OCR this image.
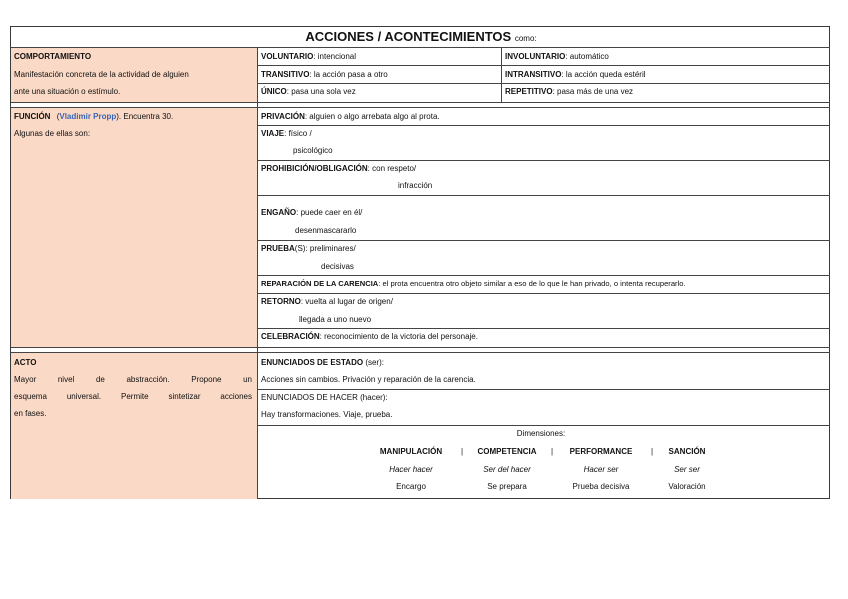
ACCIONES / ACONTECIMIENTOS como:
COMPORTAMIENTO
Manifestación concreta de la actividad de alguien
ante una situación o estímulo.
VOLUNTARIO: intencional	INVOLUNTARIO: automático
TRANSITIVO: la acción pasa a otro	INTRANSITIVO: la acción queda estéril
ÚNICO: pasa una sola vez	REPETITIVO: pasa más de una vez
FUNCIÓN (Vladimir Propp). Encuentra 30.
Algunas de ellas son:
PRIVACIÓN: alguien o algo arrebata algo al prota.
VIAJE: físico /
psicológico
PROHIBICIÓN/OBLIGACIÓN: con respeto/
infracción
ENGAÑO: puede caer en él/
desenmascararlo
PRUEBA(S): preliminares/
decisivas
REPARACIÓN DE LA CARENCIA: el prota encuentra otro objeto similar a eso de lo que le han privado, o intenta recuperarlo.
RETORNO: vuelta al lugar de origen/
llegada a uno nuevo
CELEBRACIÓN: reconocimiento de la victoria del personaje.
ACTO
Mayor nivel de abstracción. Propone un
esquema universal. Permite sintetizar acciones
en fases.
ENUNCIADOS DE ESTADO (ser):
Acciones sin cambios. Privación y reparación de la carencia.
ENUNCIADOS DE HACER (hacer):
Hay transformaciones. Viaje, prueba.
Dimensiones:
MANIPULACIÓN	COMPETENCIA	PERFORMANCE	SANCIÓN
|	|	|
Hacer hacer	Ser del hacer	Hacer ser	Ser ser
Encargo	Se prepara	Prueba decisiva	Valoración
